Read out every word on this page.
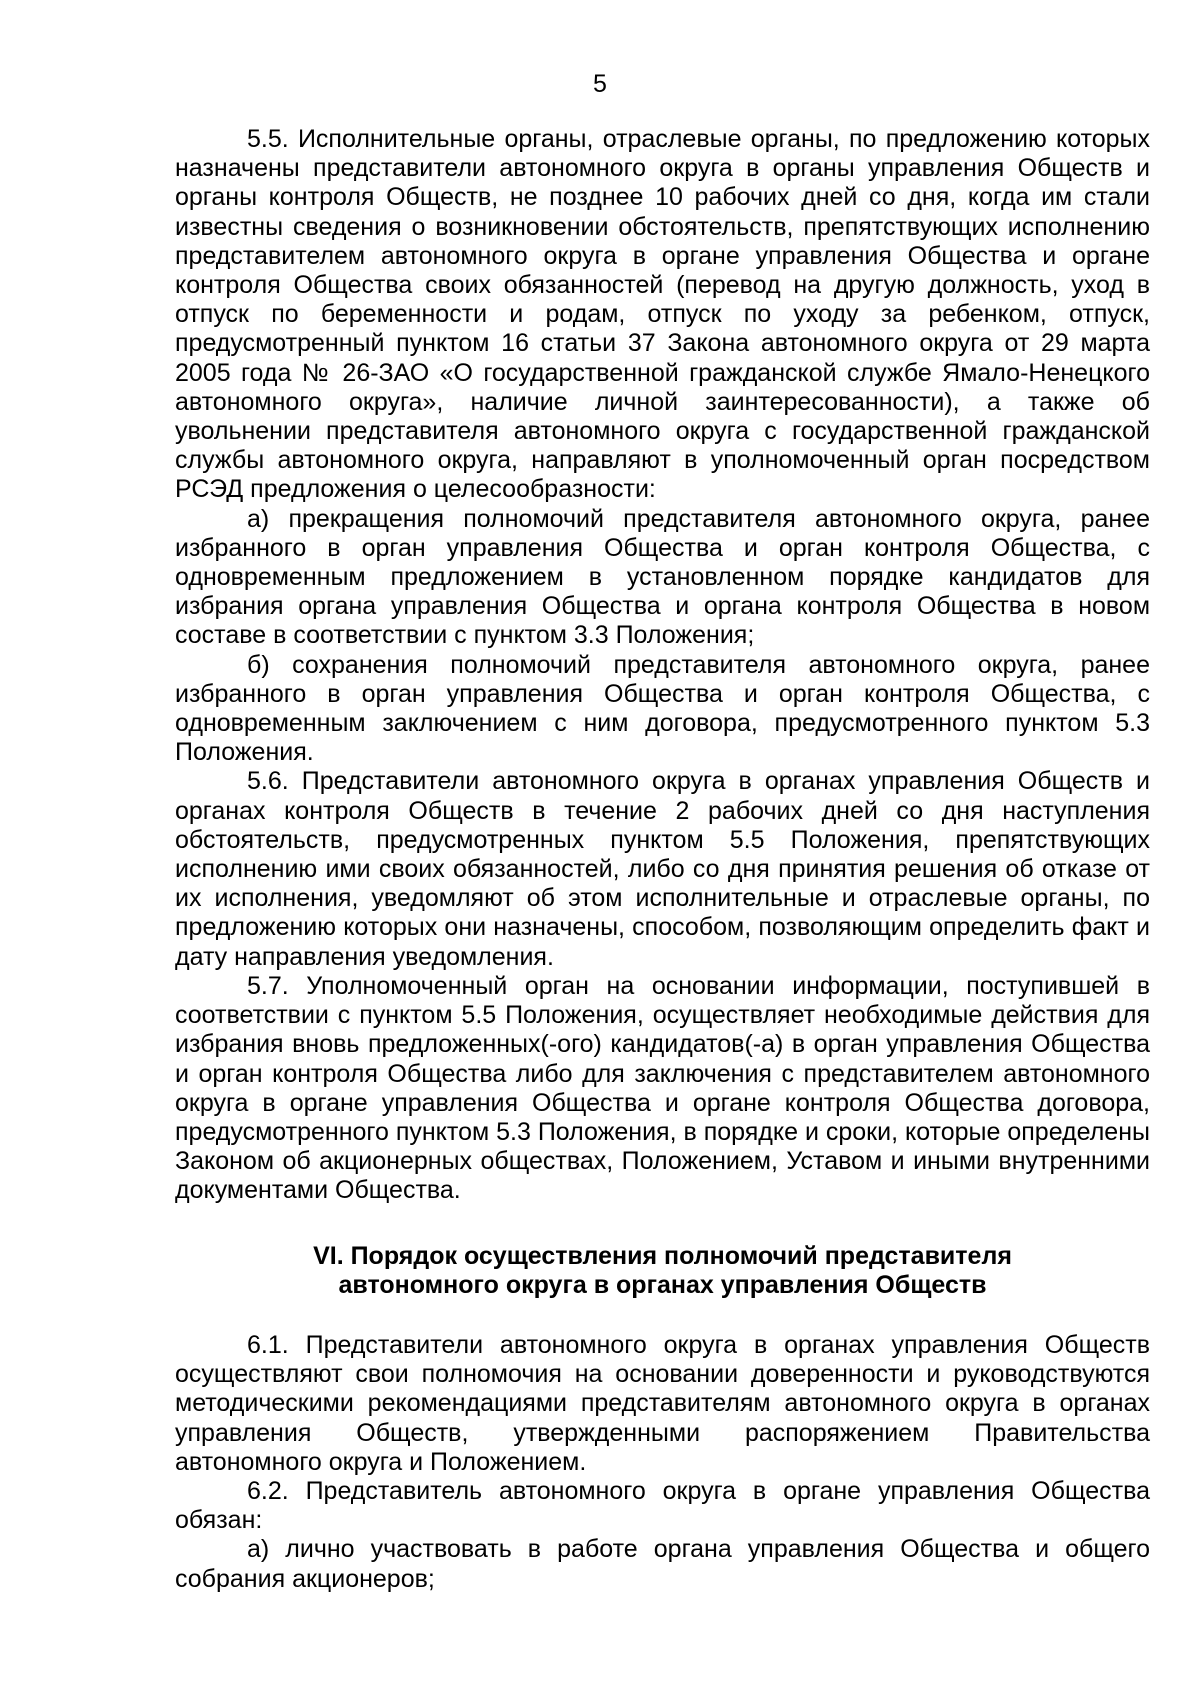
5

5.5. Исполнительные органы, отраслевые органы, по предложению которых назначены представители автономного округа в органы управления Обществ и органы контроля Обществ, не позднее 10 рабочих дней со дня, когда им стали известны сведения о возникновении обстоятельств, препятствующих исполнению представителем автономного округа в органе управления Общества и органе контроля Общества своих обязанностей (перевод на другую должность, уход в отпуск по беременности и родам, отпуск по уходу за ребенком, отпуск, предусмотренный пунктом 16 статьи 37 Закона автономного округа от 29 марта 2005 года № 26-ЗАО «О государственной гражданской службе Ямало-Ненецкого автономного округа», наличие личной заинтересованности), а также об увольнении представителя автономного округа с государственной гражданской службы автономного округа, направляют в уполномоченный орган посредством РСЭД предложения о целесообразности:

а) прекращения полномочий представителя автономного округа, ранее избранного в орган управления Общества и орган контроля Общества, с одновременным предложением в установленном порядке кандидатов для избрания органа управления Общества и органа контроля Общества в новом составе в соответствии с пунктом 3.3 Положения;

б) сохранения полномочий представителя автономного округа, ранее избранного в орган управления Общества и орган контроля Общества, с одновременным заключением с ним договора, предусмотренного пунктом 5.3 Положения.

5.6. Представители автономного округа в органах управления Обществ и органах контроля Обществ в течение 2 рабочих дней со дня наступления обстоятельств, предусмотренных пунктом 5.5 Положения, препятствующих исполнению ими своих обязанностей, либо со дня принятия решения об отказе от их исполнения, уведомляют об этом исполнительные и отраслевые органы, по предложению которых они назначены, способом, позволяющим определить факт и дату направления уведомления.

5.7. Уполномоченный орган на основании информации, поступившей в соответствии с пунктом 5.5 Положения, осуществляет необходимые действия для избрания вновь предложенных(-ого) кандидатов(-а) в орган управления Общества и орган контроля Общества либо для заключения с представителем автономного округа в органе управления Общества и органе контроля Общества договора, предусмотренного пунктом 5.3 Положения, в порядке и сроки, которые определены Законом об акционерных обществах, Положением, Уставом и иными внутренними документами Общества.

VI. Порядок осуществления полномочий представителя
автономного округа в органах управления Обществ

6.1. Представители автономного округа в органах управления Обществ осуществляют свои полномочия на основании доверенности и руководствуются методическими рекомендациями представителям автономного округа в органах управления Обществ, утвержденными распоряжением Правительства автономного округа и Положением.

6.2. Представитель автономного округа в органе управления Общества обязан:

а) лично участвовать в работе органа управления Общества и общего собрания акционеров;
